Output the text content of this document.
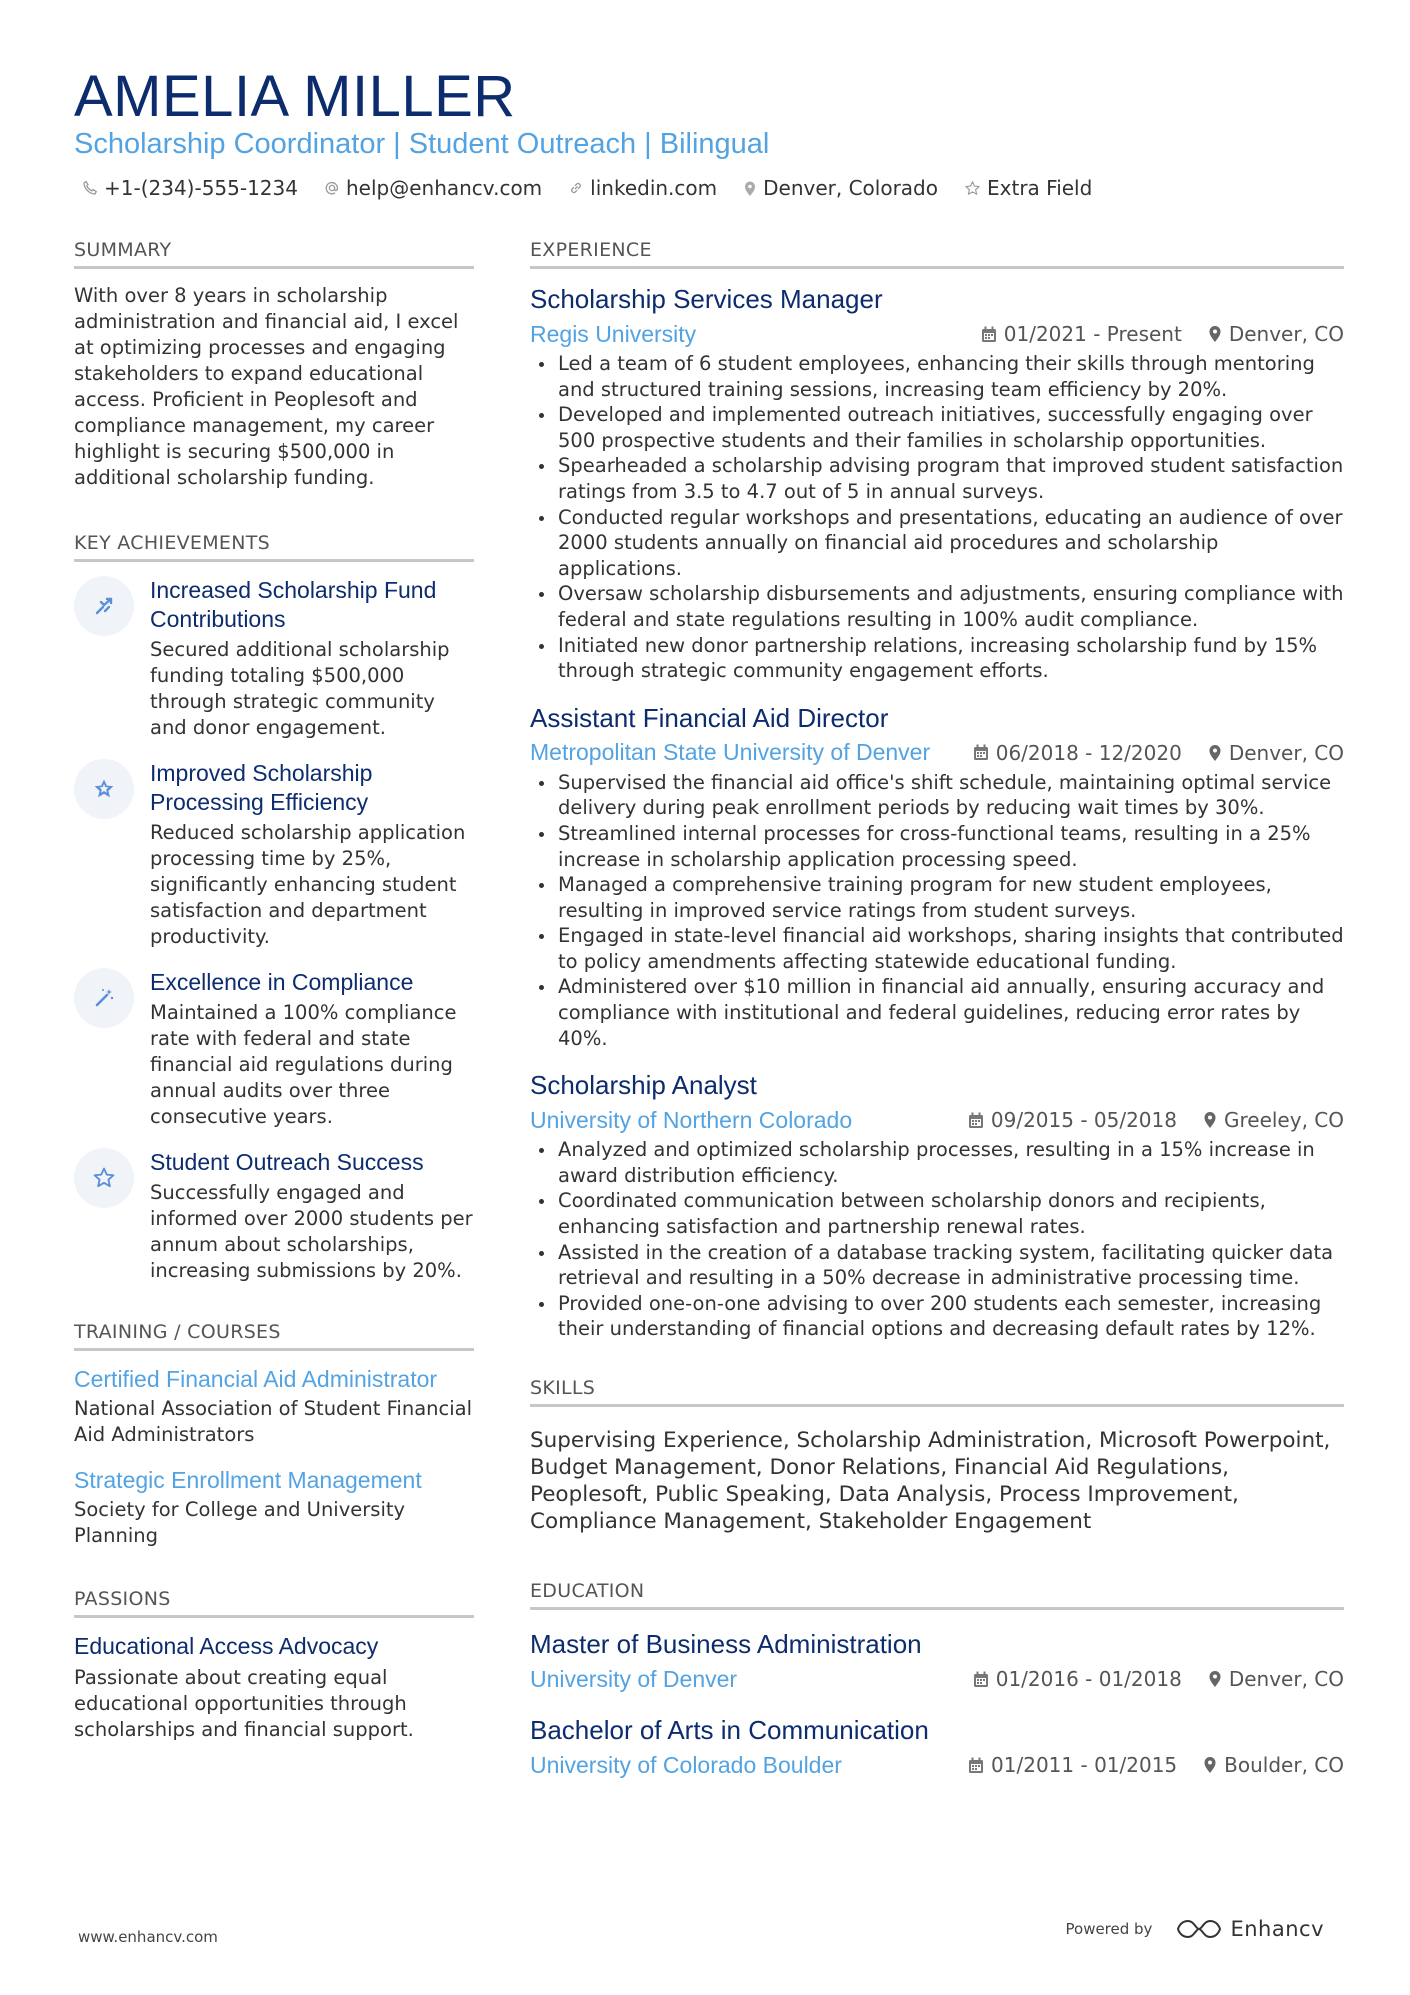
AMELIA MILLER
Scholarship Coordinator | Student Outreach | Bilingual
+1-(234)-555-1234 help@enhancv.com linkedin.com Denver, Colorado Extra Field
SUMMARY

With over 8 years in scholarship administration and financial aid, I excel at optimizing processes and engaging stakeholders to expand educational access. Proficient in Peoplesoft and compliance management, my career highlight is securing $500,000 in additional scholarship funding.

KEY ACHIEVEMENTS
Increased Scholarship Fund Contributions
Secured additional scholarship funding totaling $500,000 through strategic community and donor engagement.
Improved Scholarship Processing Efficiency
Reduced scholarship application processing time by 25%, significantly enhancing student satisfaction and department productivity.
Excellence in Compliance
Maintained a 100% compliance rate with federal and state financial aid regulations during annual audits over three consecutive years.
Student Outreach Success
Successfully engaged and informed over 2000 students per annum about scholarships, increasing submissions by 20%.
TRAINING / COURSES
Certified Financial Aid Administrator
National Association of Student Financial Aid Administrators
Strategic Enrollment Management
Society for College and University Planning
PASSIONS
Educational Access Advocacy
Passionate about creating equal educational opportunities through scholarships and financial support.
EXPERIENCE
Scholarship Services Manager
Regis University	01/2021 - Present Denver, CO
Led a team of 6 student employees, enhancing their skills through mentoring and structured training sessions, increasing team efficiency by 20%.
Developed and implemented outreach initiatives, successfully engaging over 500 prospective students and their families in scholarship opportunities.
Spearheaded a scholarship advising program that improved student satisfaction ratings from 3.5 to 4.7 out of 5 in annual surveys.
Conducted regular workshops and presentations, educating an audience of over 2000 students annually on financial aid procedures and scholarship applications.
Oversaw scholarship disbursements and adjustments, ensuring compliance with federal and state regulations resulting in 100% audit compliance.
Initiated new donor partnership relations, increasing scholarship fund by 15% through strategic community engagement efforts.
Assistant Financial Aid Director
Metropolitan State University of Denver	06/2018 - 12/2020 Denver, CO
Supervised the financial aid office's shift schedule, maintaining optimal service delivery during peak enrollment periods by reducing wait times by 30%.
Streamlined internal processes for cross-functional teams, resulting in a 25% increase in scholarship application processing speed.
Managed a comprehensive training program for new student employees, resulting in improved service ratings from student surveys.
Engaged in state-level financial aid workshops, sharing insights that contributed to policy amendments affecting statewide educational funding.
Administered over $10 million in financial aid annually, ensuring accuracy and compliance with institutional and federal guidelines, reducing error rates by 40%.
Scholarship Analyst
University of Northern Colorado	09/2015 - 05/2018 Greeley, CO
Analyzed and optimized scholarship processes, resulting in a 15% increase in award distribution efficiency.
Coordinated communication between scholarship donors and recipients, enhancing satisfaction and partnership renewal rates.
Assisted in the creation of a database tracking system, facilitating quicker data retrieval and resulting in a 50% decrease in administrative processing time.
Provided one-on-one advising to over 200 students each semester, increasing their understanding of financial options and decreasing default rates by 12%.
SKILLS

Supervising Experience, Scholarship Administration, Microsoft Powerpoint, Budget Management, Donor Relations, Financial Aid Regulations, Peoplesoft, Public Speaking, Data Analysis, Process Improvement, Compliance Management, Stakeholder Engagement

EDUCATION
Master of Business Administration
University of Denver	01/2016 - 01/2018 Denver, CO
Bachelor of Arts in Communication
University of Colorado Boulder	01/2011 - 01/2015 Boulder, CO
www.enhancv.com	Powered by	Enhancv
